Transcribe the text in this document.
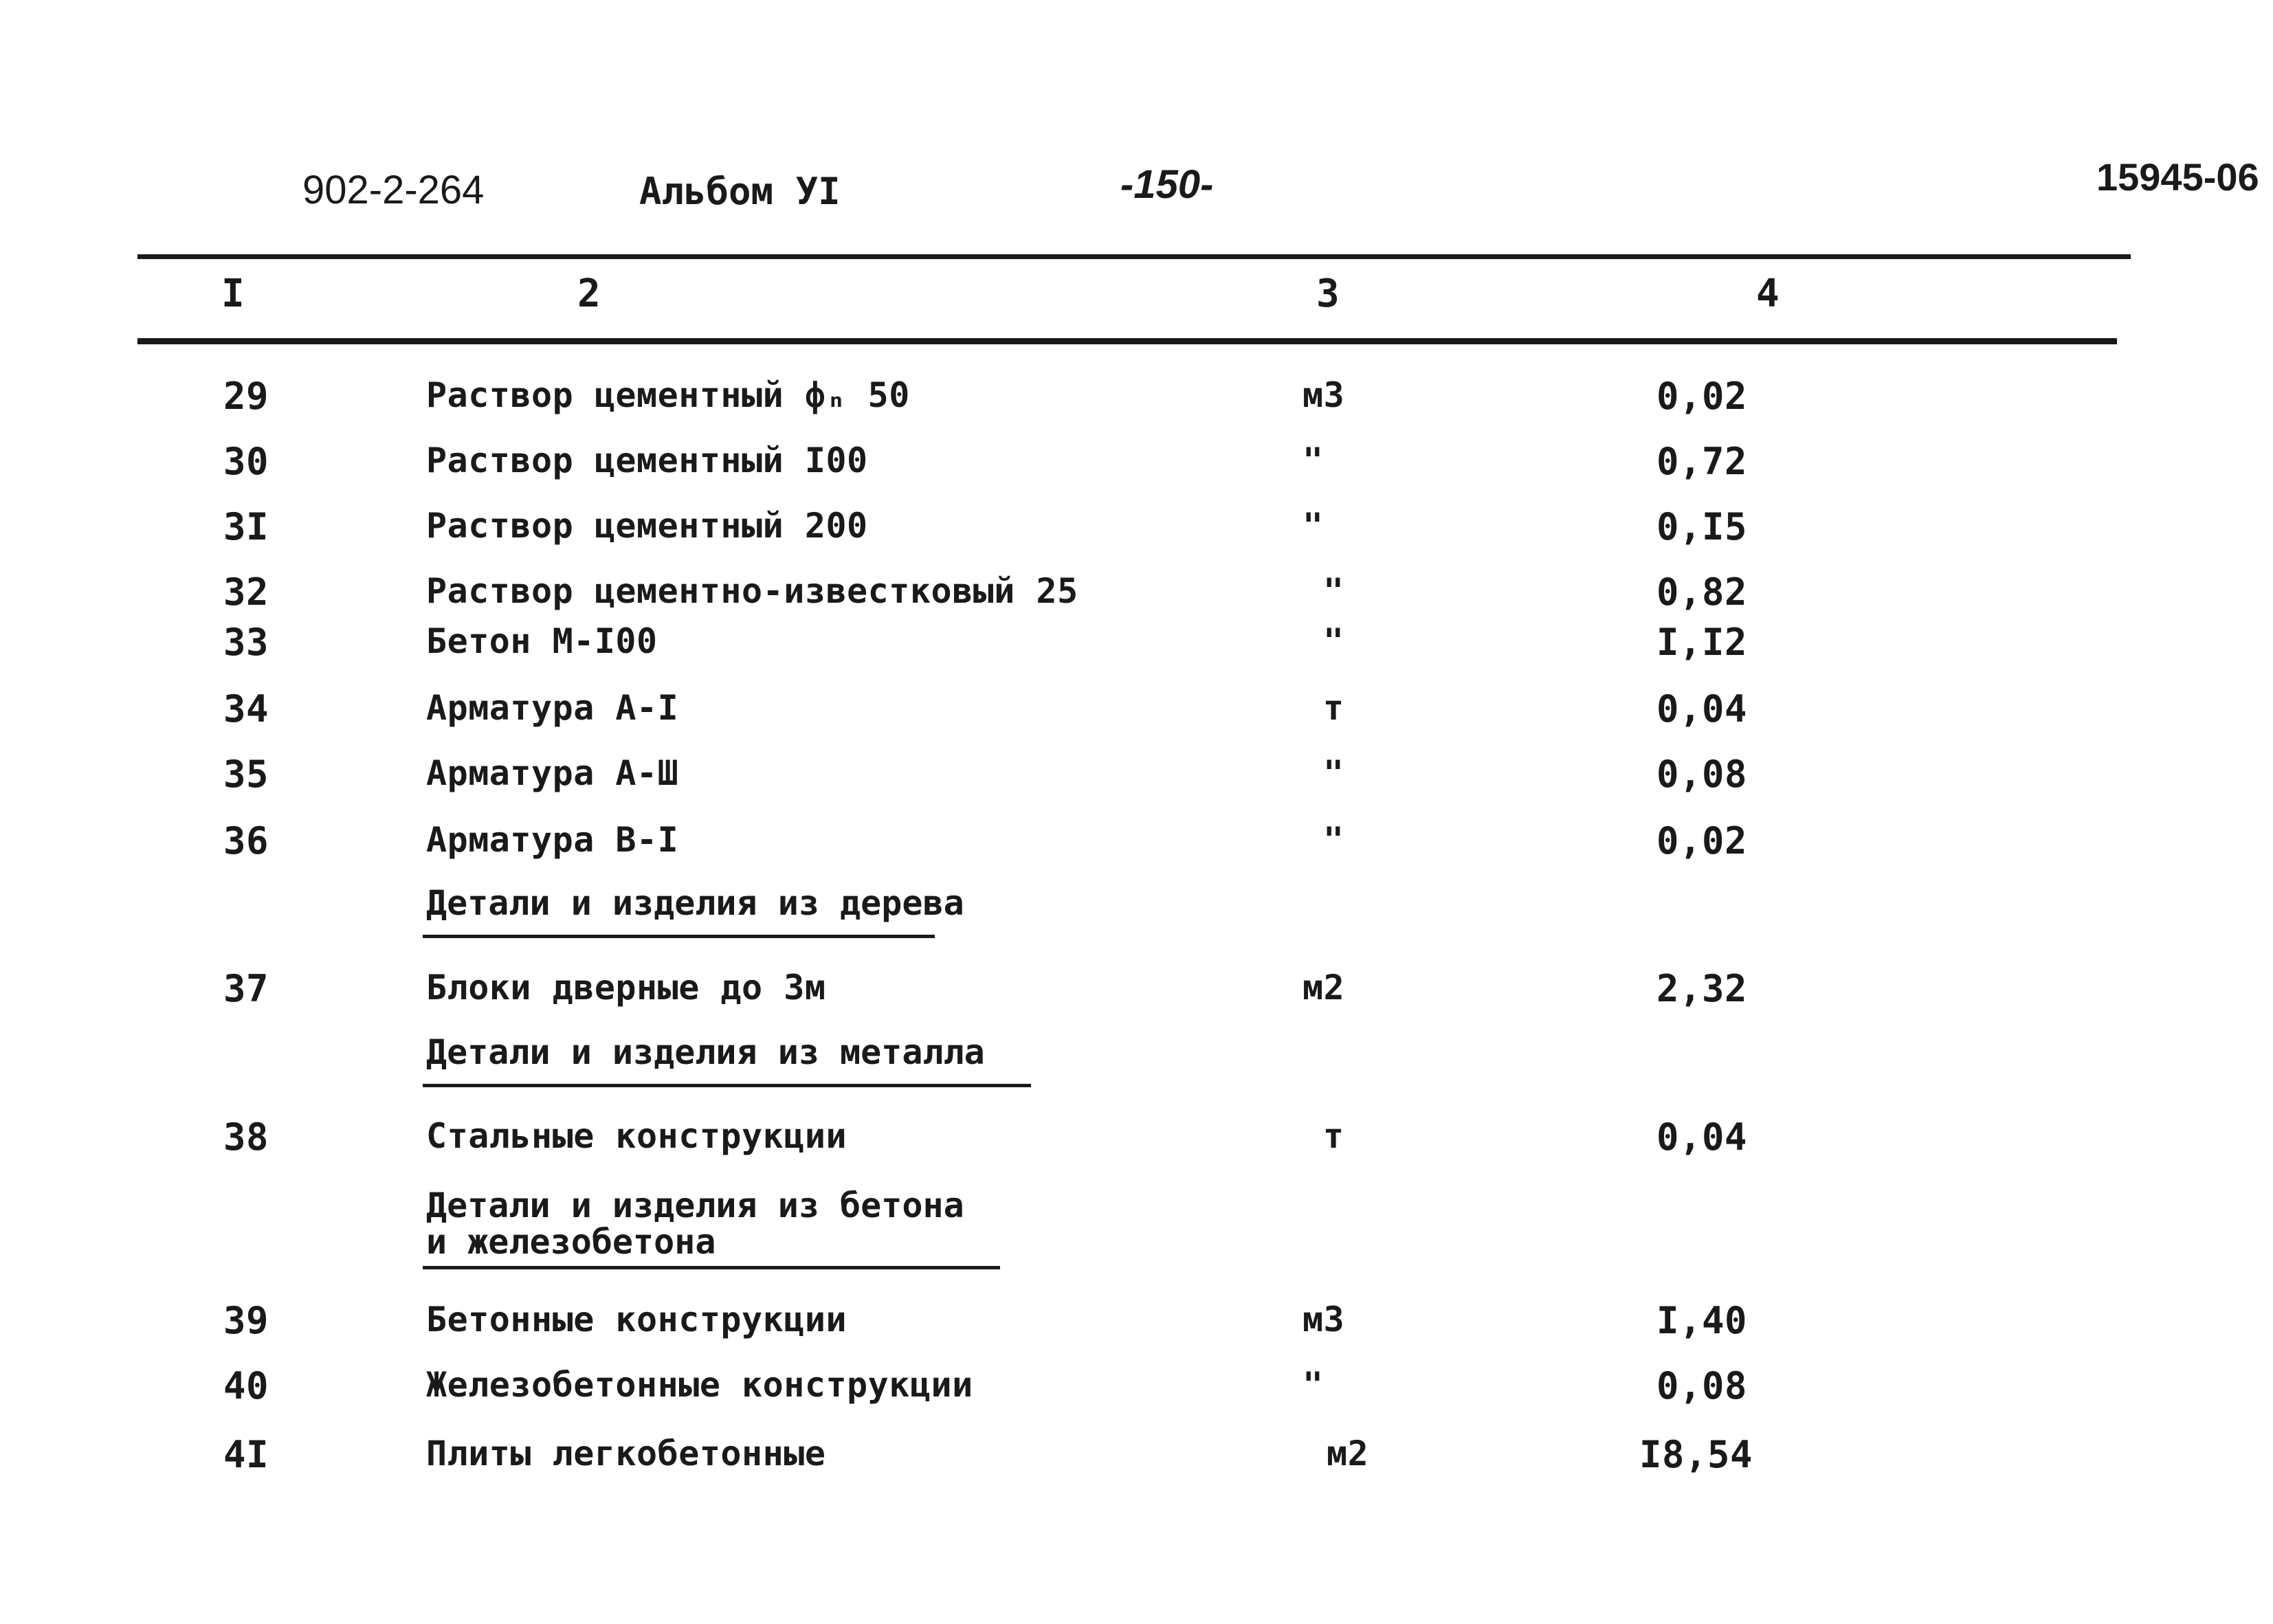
902-2-264	Альбом УI	-150-	15945-06
I	2	3	4
29	Раствор цементный фₙ 50	м3	0,02
30	Раствор цементный I00	"	0,72
3I	Раствор цементный 200	"	0,I5
32	Раствор цементно-известковый 25	"	0,82
33	Бетон М-I00	"	I,I2
34	Арматура А-I	т	0,04
35	Арматура А-Ш	"	0,08
36	Арматура В-I	"	0,02
Детали и изделия из дерева
37	Блоки дверные до 3м	м2	2,32
Детали и изделия из металла
38	Стальные конструкции	т	0,04
Детали и изделия из бетона
и железобетона
39	Бетонные конструкции	м3	I,40
40	Железобетонные конструкции	"	0,08
4I	Плиты легкобетонные	м2	I8,54
